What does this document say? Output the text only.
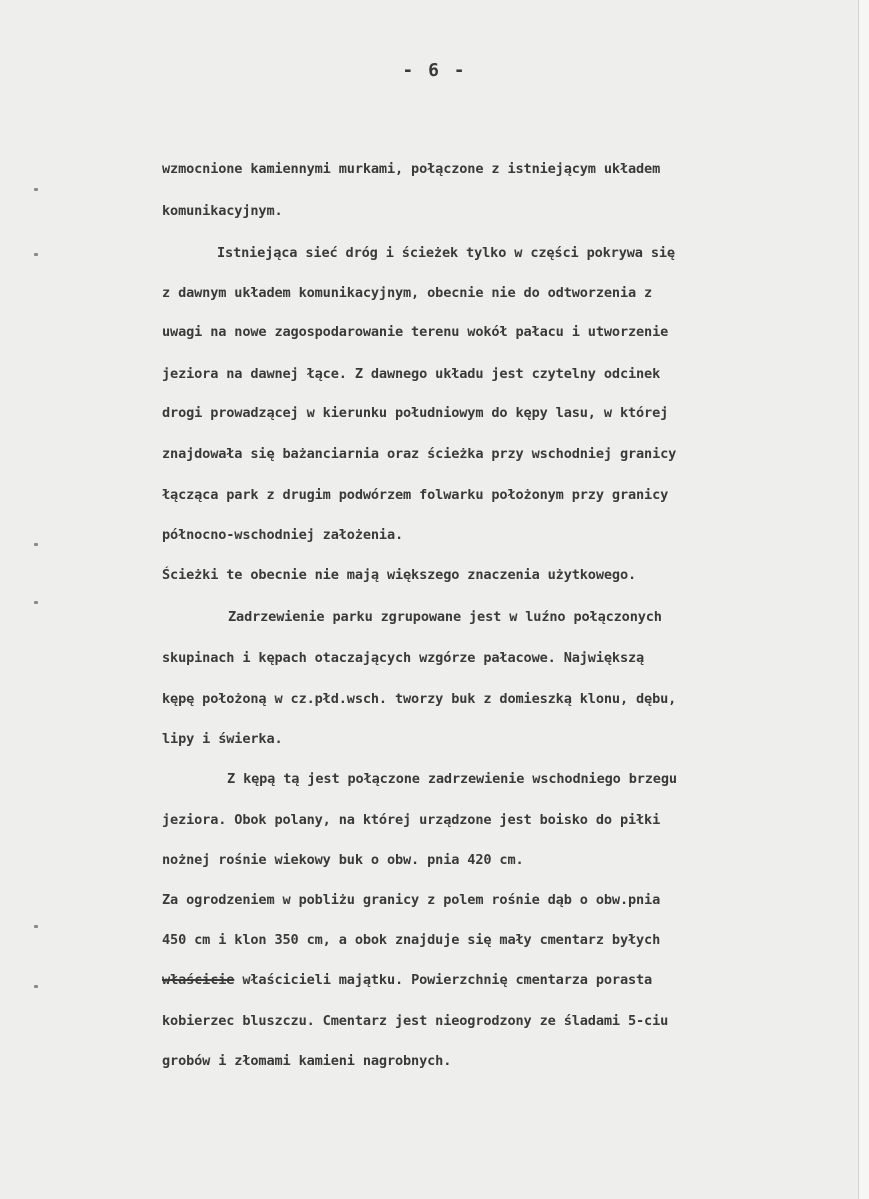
- 6 -
wzmocnione kamiennymi murkami, połączone z istniejącym układem
komunikacyjnym.
Istniejąca sieć dróg i ścieżek tylko w części pokrywa się
z dawnym układem komunikacyjnym, obecnie nie do odtworzenia z
uwagi na nowe zagospodarowanie terenu wokół pałacu i utworzenie
jeziora na dawnej łące. Z dawnego układu jest czytelny odcinek
drogi prowadzącej w kierunku południowym do kępy lasu, w której
znajdowała się bażanciarnia oraz ścieżka przy wschodniej granicy
łącząca park z drugim podwórzem folwarku położonym przy granicy
północno-wschodniej założenia.
Ścieżki te obecnie nie mają większego znaczenia użytkowego.
Zadrzewienie parku zgrupowane jest w luźno połączonych
skupinach i kępach otaczających wzgórze pałacowe. Największą
kępę położoną w cz.płd.wsch. tworzy buk z domieszką klonu, dębu,
lipy i świerka.
Z kępą tą jest połączone zadrzewienie wschodniego brzegu
jeziora. Obok polany, na której urządzone jest boisko do piłki
nożnej rośnie wiekowy buk o obw. pnia 420 cm.
Za ogrodzeniem w pobliżu granicy z polem rośnie dąb o obw.pnia
450 cm i klon 350 cm, a obok znajduje się mały cmentarz byłych
właścicie właścicieli majątku. Powierzchnię cmentarza porasta
kobierzec bluszczu. Cmentarz jest nieogrodzony ze śladami 5-ciu
grobów i złomami kamieni nagrobnych.
